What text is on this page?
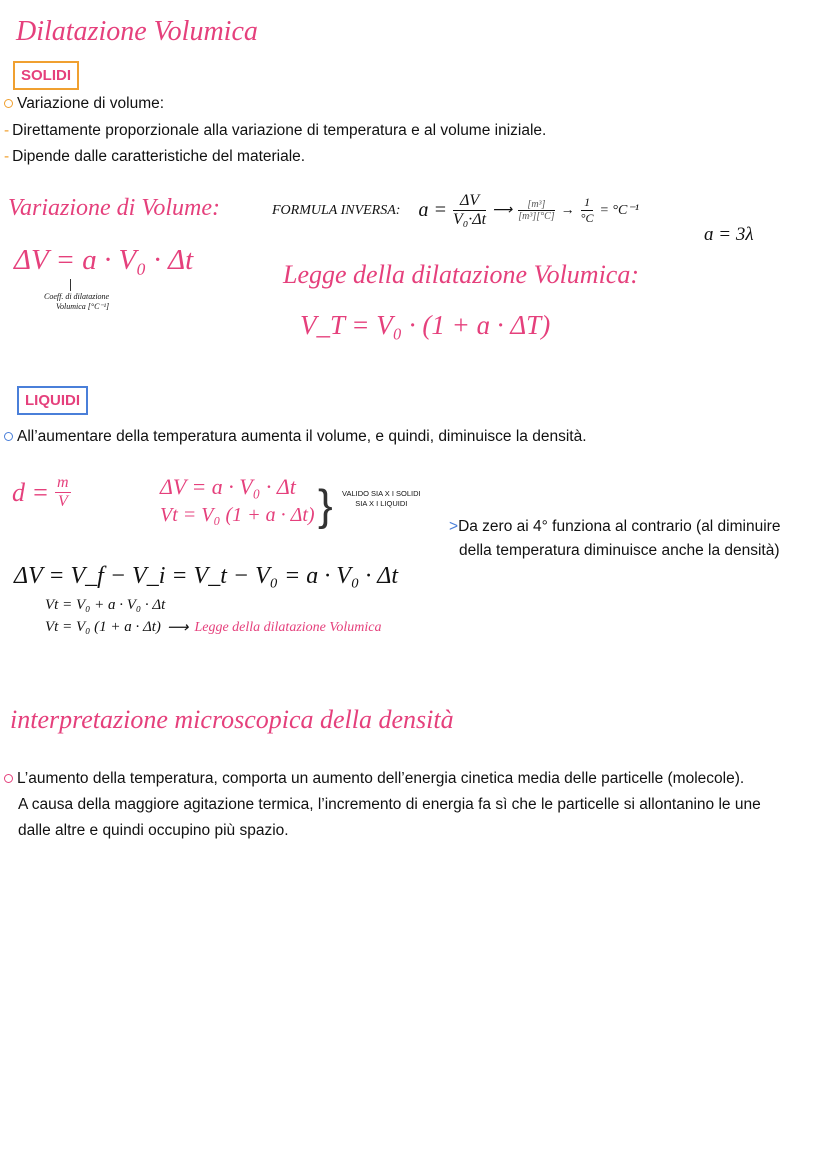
Dilatazione Volumica
SOLIDI
Variazione di volume:
- Direttamente proporzionale alla variazione di temperatura e al volume iniziale.
- Dipende dalle caratteristiche del materiale.
Variazione di Volume:	FORMULA INVERSA: ɑ = $\frac{\Delta V}{\text{V₀·Δt}}$ ⟶ $\frac{\text{[m³]}}{\text{[m³][°C]}} \to \frac{1}{^\circ C} = ^\circ C^{-1}$
ɑ = 3λ
ΔV = ɑ · V₀ · Δt
Coeff. di dilatazione
Volumica [°C⁻¹]
Legge della dilatazione Volumica:
V_T = V₀ · (1 + ɑ · ΔT)
LIQUIDI
All’aumentare della temperatura aumenta il volume, e quindi, diminuisce la densità.
$d = \frac{m}{V}$	ΔV = ɑ · V₀ · Δt
Vt = V₀ (1 + ɑ · Δt) } VALIDO SIA X I SOLIDI
SIA X I LIQUIDI
>Da zero ai 4° funziona al contrario (al diminuire
della temperatura diminuisce anche la densità)
ΔV = V_f − V_i = V_t − V₀ = ɑ · V₀ · Δt
Vt = V₀ + ɑ · V₀ · Δt
Vt = V₀ (1 + ɑ · Δt) ⟶ Legge della dilatazione Volumica
interpretazione microscopica della densità
L’aumento della temperatura, comporta un aumento dell’energia cinetica media delle particelle (molecole).
A causa della maggiore agitazione termica, l’incremento di energia fa sì che le particelle si allontanino le une
dalle altre e quindi occupino più spazio.
